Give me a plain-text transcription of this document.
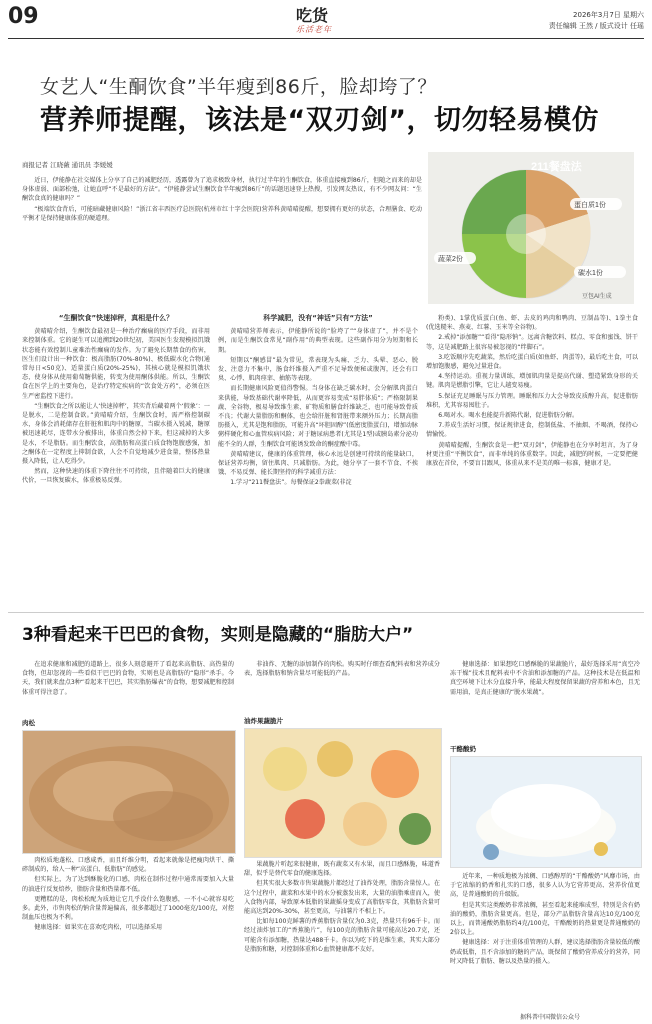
09	吃货
乐活老年
2026年3月7日 星期六
责任编辑 王然 / 版式设计 任瑶
女艺人“生酮饮食”半年瘦到86斤，脸却垮了？
营养师提醒，该法是“双刃剑”，切勿轻易模仿
商报记者 江晓薇 通讯员 李媛媛

近日，伊能静在社交媒体上分享了自己的减肥经历，透露曾为了追求极致身材，执行过半年的生酮饮食，体重直接瘦到86斤，但随之而来的却是身体虚弱、面部松弛，让她直呼“不是最好的方法”。“伊能静尝试生酮饮食半年瘦到86斤”的话题迅速登上热搜，引发网友热议，有不少网友问：“生酮饮食真的健康吗？”

“极端饮食背后，可能暗藏健康风险！”浙江省丰西医疗总医院(杭州市红十字会医院)营养科黄晴晴提醒，想要拥有更好的状态，合理膳食、吃动平衡才是保持健康体重的硬道理。

211餐盘法
蛋白质1份
蔬菜2份
碳水1份
豆包AI生成
“生酮饮食”快速掉秤，真相是什么？

黄晴晴介绍，生酮饮食最初是一种治疗癫痫的医疗手段，而非用来控制体重。它的诞生可以追溯到20世纪初，美国医生发现模拟饥饿状态能有效控制儿童难治性癫痫的发作。为了避免长期禁食的伤害，医生们设计出一种饮食：极高脂肪(70%-80%)、极低碳水化合物(通常每日<50克)、适量蛋白质(20%-25%)，其核心就是模拟饥饿状态，使身体从使用葡萄糖供能，转变为使用酮体供能。所以，生酮饮食在医学上的主要角色，是治疗特定疾病的“饮食处方药”，必须在医生严密监控下进行。

“生酮饮食之所以能让人‘快速掉秤’，其实背后藏着两个‘假象’：一是脱水，二是控制食欲。”黄晴晴介绍，生酮饮食时，需严格控制碳水，身体会消耗储存在肝脏和肌肉中的糖原，当碳水摄入锐减，糖原被迅速耗尽，连带水分被排出，体重自然会掉下来，但这减掉的大多是水，不是脂肪。而生酮饮食，高脂肪和高蛋白质食物饱腹感强，加之酮体在一定程度上抑制食欲，人会不自觉地减少进食量，整体热量摄入降低，让人吃得少。

然而，这种快速的体重下降往往不可持续，且伴随着巨大的健康代价，一旦恢复碳水，体重极易反弹。

科学减肥，没有“神话”只有“方法”

黄晴晴营养师表示，伊能静所说的“脸垮了”“身体虚了”，并不是个例，而是生酮饮食常见“副作用”的典型表现。这些副作用分为短期和长期。

短期以“酮感冒”最为常见，常表现为头痛、乏力、头晕、恶心、脱发、注意力不集中，肠食纤维摄入严重不足导致便秘或腹泻，还会有口臭、心悸、肌肉痉挛、抽筋等表现。

而长期健康风险更值得警惕。当身体在缺乏碳水时，会分解肌肉蛋白来供能，导致基础代谢率降低，从而更容易变成“易胖体质”；严格限制果蔬、全谷物，极易导致维生素、矿物质和膳食纤维缺乏，也可能导致骨质不良；代谢大量脂肪和酮体，也会给肝脏和肾脏带来额外压力；长期高脂肪摄入，尤其是饱和脂肪，可能升高“坏胆固醇”(低密度脂蛋白)，增加动脉粥样硬化和心血管疾病风险；对于糖尿病患者(尤其是1型)或胰岛素分泌功能不全的人群，生酮饮食可能诱发致命的酮症酸中毒。

黄晴晴建议，健康的体重管理，核心永远是创建可持续的能量缺口，保证营养均衡，留住肌肉、只减脂肪。为此，她分享了一套不节食、不挨饿、不易反弹、能长期坚持的科学减重方法：

1.学习“211餐盘法”。每餐保证2拳蔬菜(非淀

粉类)、1掌优质蛋白(鱼、虾、去皮的鸡肉和鸭肉、豆制品等)、1拳主食(优选糙米、燕麦、红薯、玉米等全谷物)。

2.戒掉“添加糖”“看得”隐形钠”。远离含糖饮料、糕点、零食和蜜饯、饼干等，这是减肥路上很容易被忽视的“绊脚石”。

3.吃饭顺序先吃蔬菜，然后吃蛋白质(如鱼虾、肉蛋等)，最后吃主食，可以增加饱腹感，避免过量进食。

4.坚持运动。重视力量训练，增加肌肉量是提高代谢、塑造紧致身形的关键。肌肉是燃脂引擎，它让人越变易瘦。

5.保证充足睡眠与压力管理。睡眠和压力大会导致皮质醇升高，促进脂肪堆积，尤其容易囤肚子。

6.喝对水。喝水也能提升新陈代谢，促进脂肪分解。

7.养成生活好习惯，保证规律进食，控制低盐、不抽烟、不喝酒，保持心情愉悦。

黄晴晴提醒，生酮饮食是一把“双刃剑”，伊能静也在分享时坦言，为了身材更注重“平衡饮食”，而非单纯的体重数字。因此，减肥的时候，一定要把健康放在首位，不要盲目跟风，体重从来不是美的唯一标准，健康才是。

3种看起来干巴巴的食物，实则是隐藏的“脂肪大户”

在追求健康和减肥的道路上，很多人刻意避开了看起来高脂肪、高热量的食物，但却忽视的一些看似干巴巴的食物，实则也是高脂肪的“隐形”杀手。今天，我们就来盘点3种“看起来干巴巴，其实脂肪爆表”的食物，想要减肥和控制体重可得注意了。

肉松

肉松质地蓬松、口感咸香，而且纤维分明，看起来就像是把瘦肉烘干、撕碎制成的，给人一种“高蛋白、低脂肪”的感觉。

但实际上，为了达到酥脆化的口感，肉松在制作过程中通常需要加入大量的油进行反复焙炒，脂肪含量和热量都不低。

更糟糕的是，肉松松配为质地让它几乎没什么饱腹感，一不小心就容易吃多。此外，市售肉松的钠含量普遍偏高，很多都超过了1000毫克/100克，对控制血压也极为不利。

健康选择：如果实在喜欢吃肉松，可以选择采用

非油炸、无糖的添加制作的肉松。购买时仔细查看配料表和营养成分表，选择脂肪和钠含量尽可能低的产品。

油炸果蔬脆片

果蔬脆片听起来很健康，既有蔬菜又有水果，而且口感酥脆，味道香甜，似乎是替代零食的健康选择。

但其实很大多数市售果蔬脆片都经过了油炸处理，脂肪含量惊人。在这个过程中，蔬菜和水果中的水分被蒸发出来，大量的油脂乘虚而入，使入食物内部，导致原本低脂的果蔬摇身变成了高脂肪零食，其脂肪含量可能高达到20%-30%，甚至更高，与油薯片不相上下。

比如每100克鲜薯的香蕉脂肪含量仅为0.3克，热量只有96千卡。而经过油炸加工的“香蕉脆片”，每100克的脂肪含量可能高达20.7克，还可能含有添加糖，热量达488千卡。你以为吃下的是维生素，其实大部分是脂肪和糖，对控制体重和心血管健康都不友好。

健康选择：如果想吃口感酥脆的果蔬脆片，最好选择采用“真空冷冻干燥”技术且配料表中不含油和添加糖的产品。这种技术是在低温和真空环境下让水分直接升华，能最大程度保留果蔬的营养和本色，且无需用油，是真正健康的“脱水果蔬”。

干酪酸奶

近年来，一种质地极为浓稠、口感醇厚的“干酪酸奶”风靡市场，由于它浓缩的奶香和扎实的口感，很多人认为它营养更高、营养价值更高，是普通酸奶的升级版。

但是其实这类酸奶非常浓稠，甚至看起来能堆成型，特别是含有奶油的酸奶，脂肪含量更高。但是，部分产品脂肪含量高达10克/100克以上，而普通酸奶脂肪约4克/100克，干酪酸奶的热量更是普通酸奶的2倍以上。

健康选择：对于注重体重管理的人群，建议选择脂肪含量较低的酸奶或低脂，且不含添加的糖的产品，既保留了酸奶营养成分的营养，同时又降低了脂肪、糖以及热量的摄入。

据科普中国微信公众号
